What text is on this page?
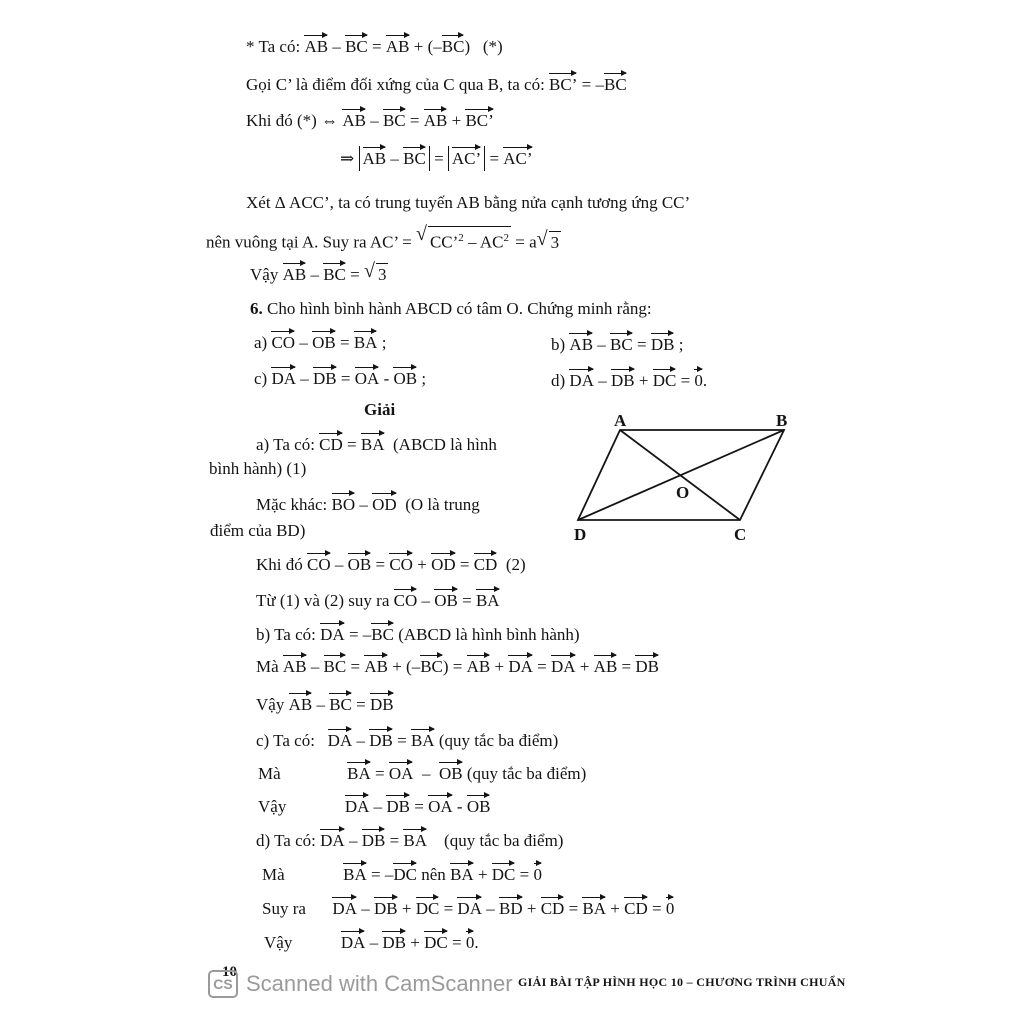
* Ta có: AB – BC = AB + (–BC)   (*)
Gọi C’ là điểm đối xứng của C qua B, ta có: BC’ = –BC
Khi đó (*) ⇔ AB – BC = AB + BC’
⇒ AB – BC = AC’ = AC’
Xét Δ ACC’, ta có trung tuyến AB bằng nửa cạnh tương ứng CC’
nên vuông tại A. Suy ra AC’ = √ CC’$^2$ – $AC^2 = a$ √ 3
Vậy AB – BC = √ 3
6. Cho hình bình hành ABCD có tâm O. Chứng minh rằng:
a) CO – OB = BA ;	b) AB – BC = DB ;
c) DA – DB = OA - OB ;	d) DA – DB + DC = 0.
Giải
A	B
C
D
O
a) Ta có: CD = BA (ABCD là hình
bình hành) (1)
Mặc khác: BO – OD (O là trung
điểm của BD)
Khi đó CO – OB = CO + OD = CD (2)
Từ (1) và (2) suy ra CO – OB = BA
b) Ta có: DA = –BC (ABCD là hình bình hành)
Mà AB – BC = AB + (–BC) = AB + DA = DA + AB = DB
Vậy AB – BC = DB
c) Ta có: DA – DB = BA (quy tắc ba điểm)
Mà	BA = OA  –  OB (quy tắc ba điểm)
Vậy	DA – DB = OA - OB
d) Ta có: DA – DB = BA (quy tắc ba điểm)
Mà	BA = –DC nên BA + DC = 0
Suy ra DA – DB + DC = DA – BD + CD = BA + CD = 0
Vậy	DA – DB + DC = 0.
10
CS Scanned with CamScanner GIẢI BÀI TẬP HÌNH HỌC 10 – CHƯƠNG TRÌNH CHUẨN
